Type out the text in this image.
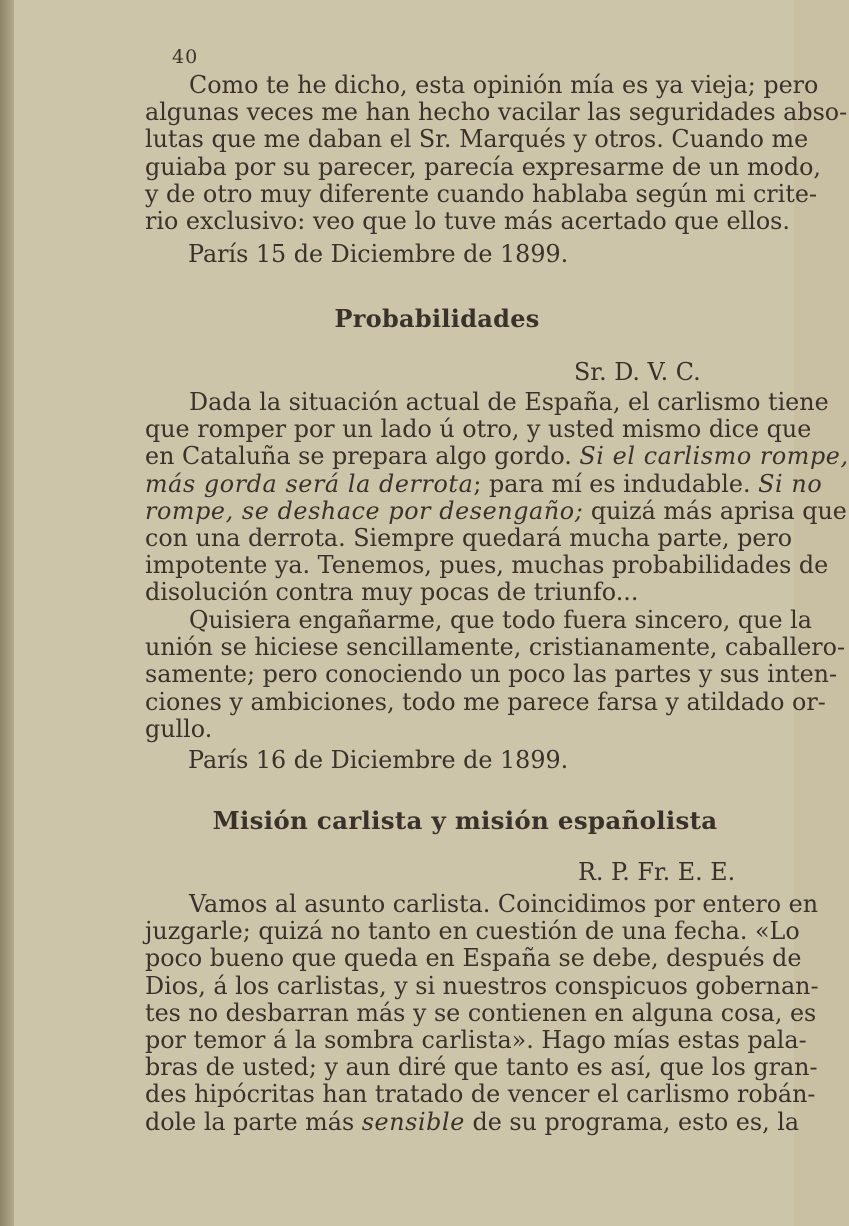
40
Como te he dicho, esta opinión mía es ya vieja; pero
algunas veces me han hecho vacilar las seguridades abso-
lutas que me daban el Sr. Marqués y otros. Cuando me
guiaba por su parecer, parecía expresarme de un modo,
y de otro muy diferente cuando hablaba según mi crite-
rio exclusivo: veo que lo tuve más acertado que ellos.
París 15 de Diciembre de 1899.
Probabilidades
Sr. D. V. C.
Dada la situación actual de España, el carlismo tiene
que romper por un lado ú otro, y usted mismo dice que
en Cataluña se prepara algo gordo. Si el carlismo rompe,
más gorda será la derrota; para mí es indudable. Si no
rompe, se deshace por desengaño; quizá más aprisa que
con una derrota. Siempre quedará mucha parte, pero
impotente ya. Tenemos, pues, muchas probabilidades de
disolución contra muy pocas de triunfo...
Quisiera engañarme, que todo fuera sincero, que la
unión se hiciese sencillamente, cristianamente, caballero-
samente; pero conociendo un poco las partes y sus inten-
ciones y ambiciones, todo me parece farsa y atildado or-
gullo.
París 16 de Diciembre de 1899.
Misión carlista y misión españolista
R. P. Fr. E. E.
Vamos al asunto carlista. Coincidimos por entero en
juzgarle; quizá no tanto en cuestión de una fecha. «Lo
poco bueno que queda en España se debe, después de
Dios, á los carlistas, y si nuestros conspicuos gobernan-
tes no desbarran más y se contienen en alguna cosa, es
por temor á la sombra carlista». Hago mías estas pala-
bras de usted; y aun diré que tanto es así, que los gran-
des hipócritas han tratado de vencer el carlismo robán-
dole la parte más sensible de su programa, esto es, la
